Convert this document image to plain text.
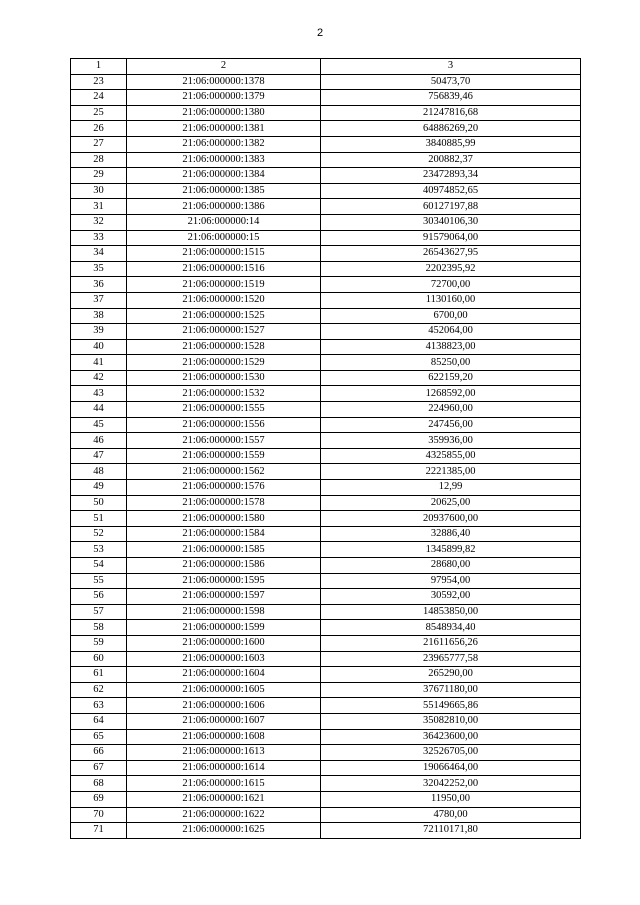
2
1	2	3
23	21:06:000000:1378	50473,70
24	21:06:000000:1379	756839,46
25	21:06:000000:1380	21247816,68
26	21:06:000000:1381	64886269,20
27	21:06:000000:1382	3840885,99
28	21:06:000000:1383	200882,37
29	21:06:000000:1384	23472893,34
30	21:06:000000:1385	40974852,65
31	21:06:000000:1386	60127197,88
32	21:06:000000:14	30340106,30
33	21:06:000000:15	91579064,00
34	21:06:000000:1515	26543627,95
35	21:06:000000:1516	2202395,92
36	21:06:000000:1519	72700,00
37	21:06:000000:1520	1130160,00
38	21:06:000000:1525	6700,00
39	21:06:000000:1527	452064,00
40	21:06:000000:1528	4138823,00
41	21:06:000000:1529	85250,00
42	21:06:000000:1530	622159,20
43	21:06:000000:1532	1268592,00
44	21:06:000000:1555	224960,00
45	21:06:000000:1556	247456,00
46	21:06:000000:1557	359936,00
47	21:06:000000:1559	4325855,00
48	21:06:000000:1562	2221385,00
49	21:06:000000:1576	12,99
50	21:06:000000:1578	20625,00
51	21:06:000000:1580	20937600,00
52	21:06:000000:1584	32886,40
53	21:06:000000:1585	1345899,82
54	21:06:000000:1586	28680,00
55	21:06:000000:1595	97954,00
56	21:06:000000:1597	30592,00
57	21:06:000000:1598	14853850,00
58	21:06:000000:1599	8548934,40
59	21:06:000000:1600	21611656,26
60	21:06:000000:1603	23965777,58
61	21:06:000000:1604	265290,00
62	21:06:000000:1605	37671180,00
63	21:06:000000:1606	55149665,86
64	21:06:000000:1607	35082810,00
65	21:06:000000:1608	36423600,00
66	21:06:000000:1613	32526705,00
67	21:06:000000:1614	19066464,00
68	21:06:000000:1615	32042252,00
69	21:06:000000:1621	11950,00
70	21:06:000000:1622	4780,00
71	21:06:000000:1625	72110171,80
